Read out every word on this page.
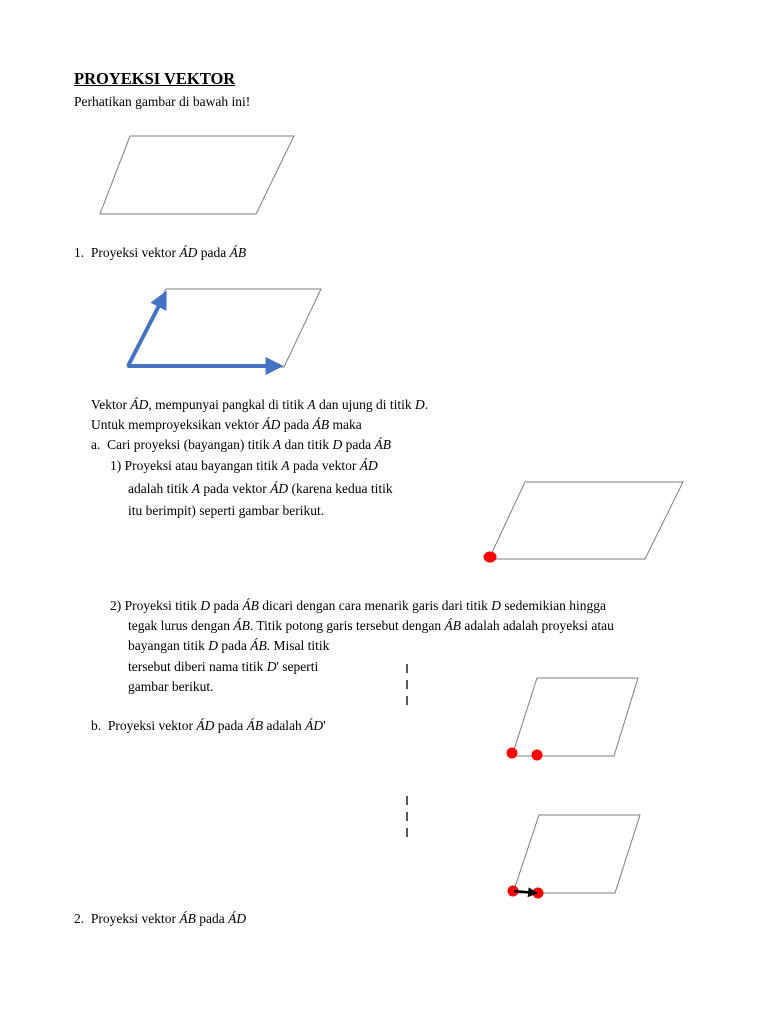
PROYEKSI VEKTOR
Perhatikan gambar di bawah ini!
1. Proyeksi vektor ÁD pada ÁB
Vektor ÁD, mempunyai pangkal di titik A dan ujung di titik D.
Untuk memproyeksikan vektor ÁD pada ÁB maka
a. Cari proyeksi (bayangan) titik A dan titik D pada ÁB
1) Proyeksi atau bayangan titik A pada vektor ÁD
adalah titik A pada vektor ÁD (karena kedua titik
itu berimpit) seperti gambar berikut.
2) Proyeksi titik D pada ÁB dicari dengan cara menarik garis dari titik D sedemikian hingga
tegak lurus dengan ÁB. Titik potong garis tersebut dengan ÁB adalah adalah proyeksi atau
bayangan titik D pada ÁB. Misal titik
tersebut diberi nama titik D' seperti
gambar berikut.
b. Proyeksi vektor ÁD pada ÁB adalah ÁD'
2. Proyeksi vektor ÁB pada ÁD
